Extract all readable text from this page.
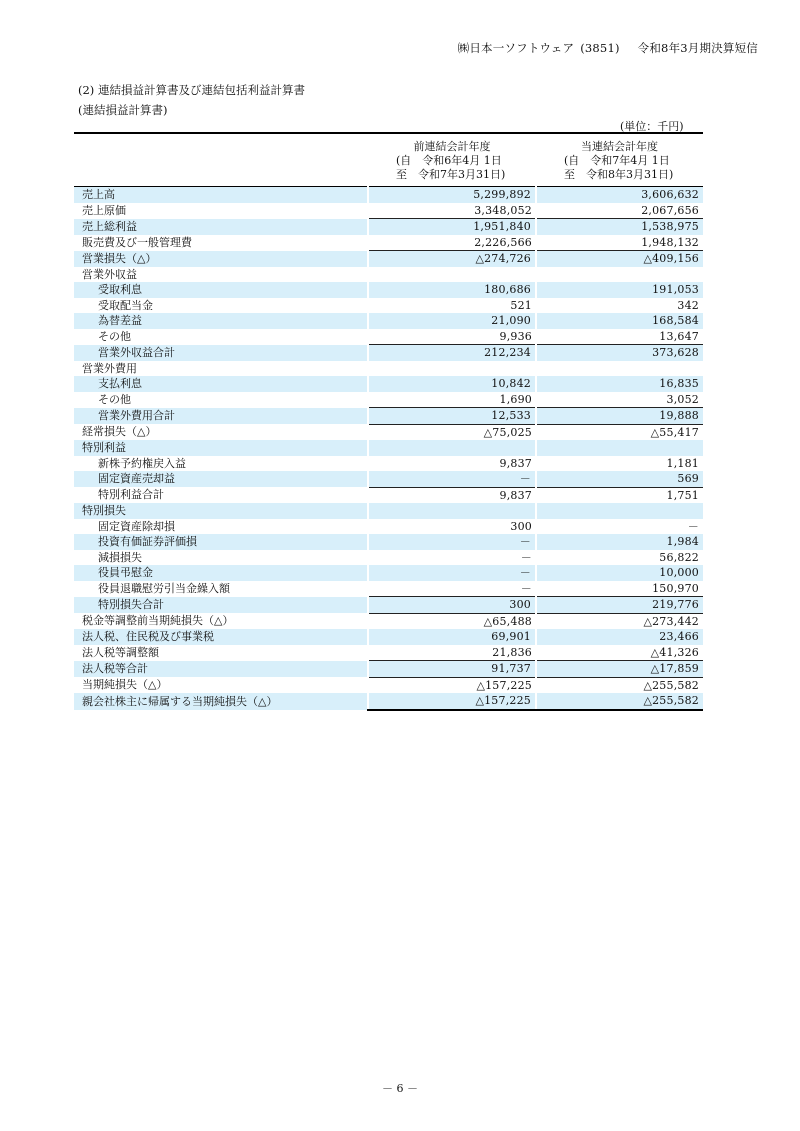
㈱日本一ソフトウェア (3851) 令和8年3月期決算短信
(2) 連結損益計算書及び連結包括利益計算書
(連結損益計算書)
(単位：千円)
	前連結会計年度
(自　令和6年4月 1日
至　令和7年3月31日)	当連結会計年度
(自　令和7年4月 1日
至　令和8年3月31日)

売上高	5,299,892	3,606,632
売上原価	3,348,052	2,067,656
売上総利益	1,951,840	1,538,975
販売費及び一般管理費	2,226,566	1,948,132
営業損失（△）	△274,726	△409,156
営業外収益		
受取利息	180,686	191,053
受取配当金	521	342
為替差益	21,090	168,584
その他	9,936	13,647
営業外収益合計	212,234	373,628
営業外費用		
支払利息	10,842	16,835
その他	1,690	3,052
営業外費用合計	12,533	19,888
経常損失（△）	△75,025	△55,417
特別利益		
新株予約権戻入益	9,837	1,181
固定資産売却益	－	569
特別利益合計	9,837	1,751
特別損失		
固定資産除却損	300	－
投資有価証券評価損	－	1,984
減損損失	－	56,822
役員弔慰金	－	10,000
役員退職慰労引当金繰入額	－	150,970
特別損失合計	300	219,776
税金等調整前当期純損失（△）	△65,488	△273,442
法人税、住民税及び事業税	69,901	23,466
法人税等調整額	21,836	△41,326
法人税等合計	91,737	△17,859
当期純損失（△）	△157,225	△255,582
親会社株主に帰属する当期純損失（△）	△157,225	△255,582
－ 6 －
